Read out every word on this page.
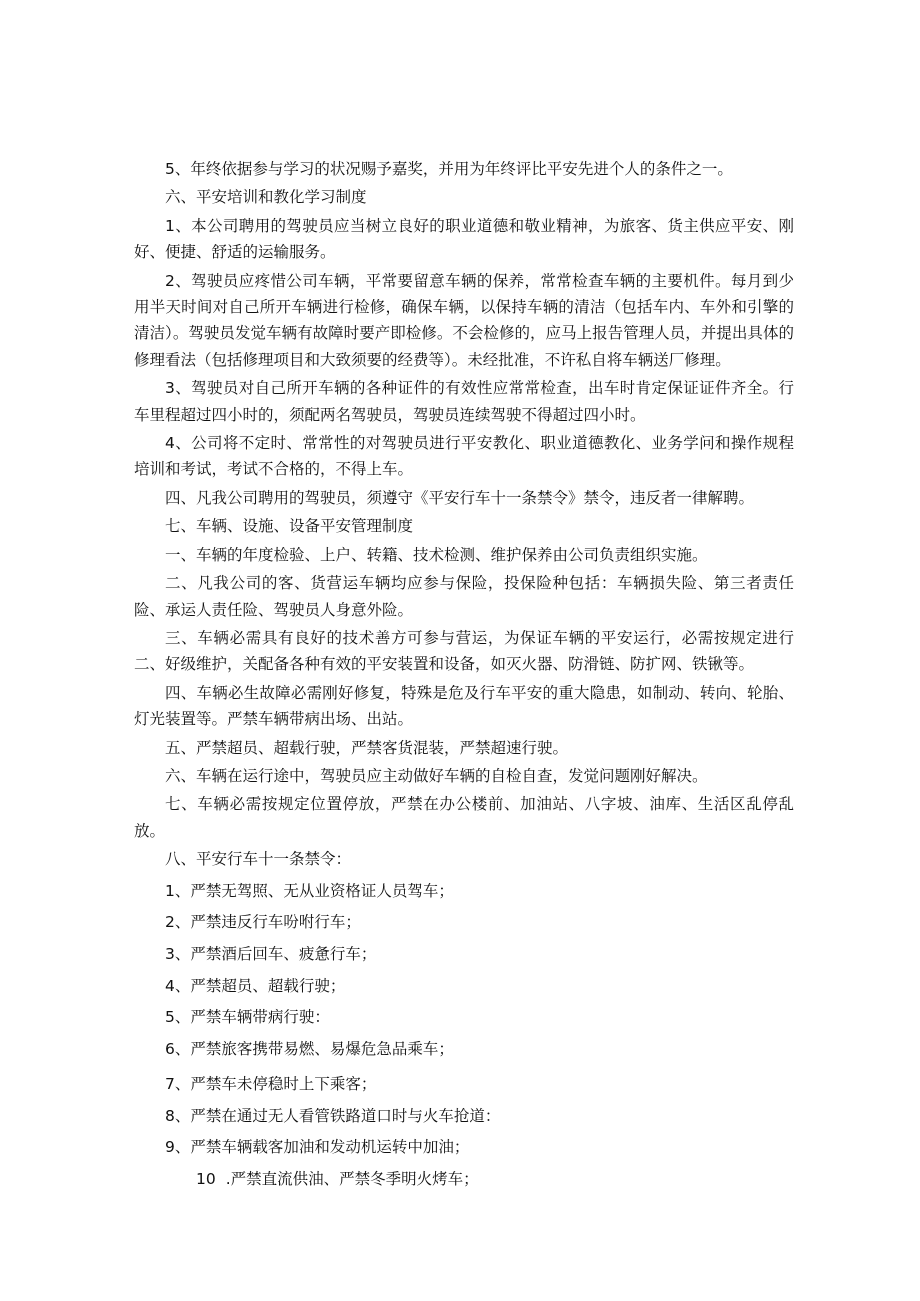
5、年终依据参与学习的状况赐予嘉奖，并用为年终评比平安先进个人的条件之一。

六、平安培训和教化学习制度

1、本公司聘用的驾驶员应当树立良好的职业道德和敬业精神，为旅客、货主供应平安、刚好、便捷、舒适的运输服务。

2、驾驶员应疼惜公司车辆，平常要留意车辆的保养，常常检查车辆的主要机件。每月到少用半天时间对自己所开车辆进行检修，确保车辆，以保持车辆的清洁（包括车内、车外和引擎的清洁）。驾驶员发觉车辆有故障时要产即检修。不会检修的，应马上报告管理人员，并提出具体的修理看法（包括修理项目和大致须要的经费等）。未经批准，不许私自将车辆送厂修理。

3、驾驶员对自己所开车辆的各种证件的有效性应常常检查，出车时肯定保证证件齐全。行车里程超过四小时的，须配两名驾驶员，驾驶员连续驾驶不得超过四小时。

4、公司将不定时、常常性的对驾驶员进行平安教化、职业道德教化、业务学问和操作规程培训和考试，考试不合格的，不得上车。

四、凡我公司聘用的驾驶员，须遵守《平安行车十一条禁令》禁令，违反者一律解聘。

七、车辆、设施、设备平安管理制度

一、车辆的年度检验、上户、转籍、技术检测、维护保养由公司负责组织实施。

二、凡我公司的客、货营运车辆均应参与保险，投保险种包括：车辆损失险、第三者责任险、承运人责任险、驾驶员人身意外险。

三、车辆必需具有良好的技术善方可参与营运，为保证车辆的平安运行，必需按规定进行二、好级维护，关配备各种有效的平安装置和设备，如灭火器、防滑链、防扩网、铁锹等。

四、车辆必生故障必需刚好修复，特殊是危及行车平安的重大隐患，如制动、转向、轮胎、灯光装置等。严禁车辆带病出场、出站。

五、严禁超员、超载行驶，严禁客货混装，严禁超速行驶。

六、车辆在运行途中，驾驶员应主动做好车辆的自检自查，发觉问题刚好解决。

七、车辆必需按规定位置停放，严禁在办公楼前、加油站、八字坡、油库、生活区乱停乱放。

八、平安行车十一条禁令：

1、严禁无驾照、无从业资格证人员驾车；

2、严禁违反行车吩咐行车；

3、严禁酒后回车、疲惫行车；

4、严禁超员、超载行驶；

5、严禁车辆带病行驶：

6、严禁旅客携带易燃、易爆危急品乘车；

7、严禁车未停稳时上下乘客；

8、严禁在通过无人看管铁路道口时与火车抢道：

9、严禁车辆载客加油和发动机运转中加油；

10 .严禁直流供油、严禁冬季明火烤车；
